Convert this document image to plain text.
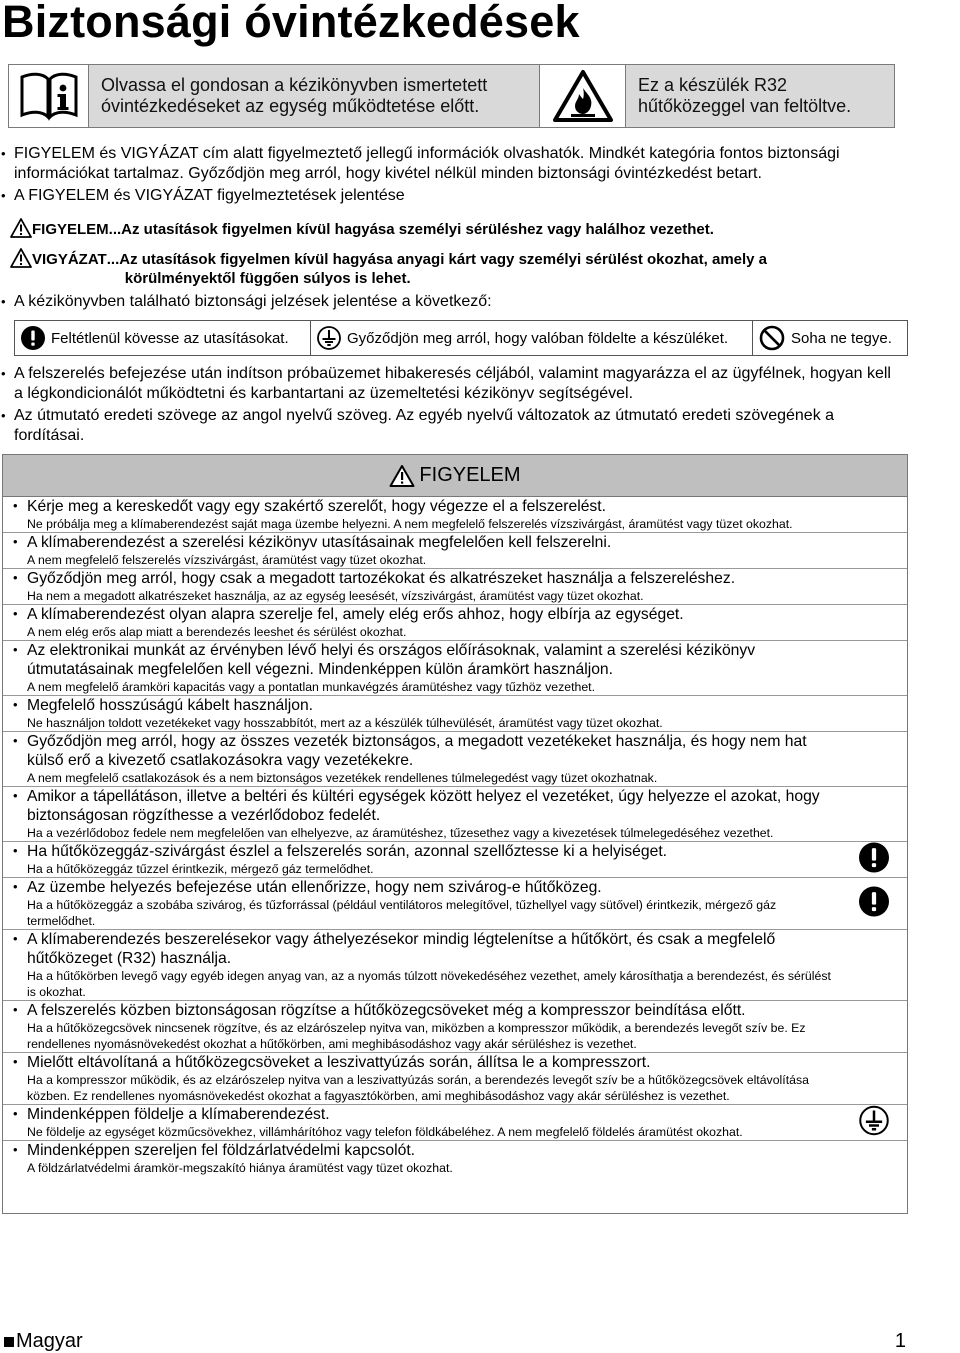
Biztonsági óvintézkedések
Olvassa el gondosan a kézikönyvben ismertetett óvintézkedéseket az egység működtetése előtt.
Ez a készülék R32 hűtőközeggel van feltöltve.
• FIGYELEM és VIGYÁZAT cím alatt figyelmeztető jellegű információk olvashatók. Mindkét kategória fontos biztonsági információkat tartalmaz. Győződjön meg arról, hogy kivétel nélkül minden biztonsági óvintézkedést betart.
• A FIGYELEM és VIGYÁZAT figyelmeztetések jelentése
FIGYELEM ...Az utasítások figyelmen kívül hagyása személyi sérüléshez vagy halálhoz vezethet.
VIGYÁZAT ...Az utasítások figyelmen kívül hagyása anyagi kárt vagy személyi sérülést okozhat, amely a körülményektől függően súlyos is lehet.
• A kézikönyvben található biztonsági jelzések jelentése a következő:
Feltétlenül kövesse az utasításokat.	Győződjön meg arról, hogy valóban földelte a készüléket.	Soha ne tegye.
• A felszerelés befejezése után indítson próbaüzemet hibakeresés céljából, valamint magyarázza el az ügyfélnek, hogyan kell a légkondicionálót működtetni és karbantartani az üzemeltetési kézikönyv segítségével.
• Az útmutató eredeti szövege az angol nyelvű szöveg. Az egyéb nyelvű változatok az útmutató eredeti szövegének a fordításai.
FIGYELEM
• Kérje meg a kereskedőt vagy egy szakértő szerelőt, hogy végezze el a felszerelést.
Ne próbálja meg a klímaberendezést saját maga üzembe helyezni. A nem megfelelő felszerelés vízszivárgást, áramütést vagy tüzet okozhat.
• A klímaberendezést a szerelési kézikönyv utasításainak megfelelően kell felszerelni.
A nem megfelelő felszerelés vízszivárgást, áramütést vagy tüzet okozhat.
• Győződjön meg arról, hogy csak a megadott tartozékokat és alkatrészeket használja a felszereléshez.
Ha nem a megadott alkatrészeket használja, az az egység leesését, vízszivárgást, áramütést vagy tüzet okozhat.
• A klímaberendezést olyan alapra szerelje fel, amely elég erős ahhoz, hogy elbírja az egységet.
A nem elég erős alap miatt a berendezés leeshet és sérülést okozhat.
• Az elektronikai munkát az érvényben lévő helyi és országos előírásoknak, valamint a szerelési kézikönyv útmutatásainak megfelelően kell végezni. Mindenképpen külön áramkört használjon.
A nem megfelelő áramköri kapacitás vagy a pontatlan munkavégzés áramütéshez vagy tűzhöz vezethet.
• Megfelelő hosszúságú kábelt használjon.
Ne használjon toldott vezetékeket vagy hosszabbítót, mert az a készülék túlhevülését, áramütést vagy tüzet okozhat.
• Győződjön meg arról, hogy az összes vezeték biztonságos, a megadott vezetékeket használja, és hogy nem hat külső erő a kivezető csatlakozásokra vagy vezetékekre.
A nem megfelelő csatlakozások és a nem biztonságos vezetékek rendellenes túlmelegedést vagy tüzet okozhatnak.
• Amikor a tápellátáson, illetve a beltéri és kültéri egységek között helyez el vezetéket, úgy helyezze el azokat, hogy biztonságosan rögzíthesse a vezérlődoboz fedelét.
Ha a vezérlődoboz fedele nem megfelelően van elhelyezve, az áramütéshez, tűzesethez vagy a kivezetések túlmelegedéséhez vezethet.
• Ha hűtőközeggáz-szivárgást észlel a felszerelés során, azonnal szellőztesse ki a helyiséget.
Ha a hűtőközeggáz tűzzel érintkezik, mérgező gáz termelődhet.
• Az üzembe helyezés befejezése után ellenőrizze, hogy nem szivárog-e hűtőközeg.
Ha a hűtőközeggáz a szobába szivárog, és tűzforrással (például ventilátoros melegítővel, tűzhellyel vagy sütővel) érintkezik, mérgező gáz termelődhet.
• A klímaberendezés beszerelésekor vagy áthelyezésekor mindig légtelenítse a hűtőkört, és csak a megfelelő hűtőközeget (R32) használja.
Ha a hűtőkörben levegő vagy egyéb idegen anyag van, az a nyomás túlzott növekedéséhez vezethet, amely károsíthatja a berendezést, és sérülést is okozhat.
• A felszerelés közben biztonságosan rögzítse a hűtőközegcsöveket még a kompresszor beindítása előtt.
Ha a hűtőközegcsövek nincsenek rögzítve, és az elzárószelep nyitva van, miközben a kompresszor működik, a berendezés levegőt szív be. Ez rendellenes nyomásnövekedést okozhat a hűtőkörben, ami meghibásodáshoz vagy akár sérüléshez is vezethet.
• Mielőtt eltávolítaná a hűtőközegcsöveket a leszivattyúzás során, állítsa le a kompresszort.
Ha a kompresszor működik, és az elzárószelep nyitva van a leszivattyúzás során, a berendezés levegőt szív be a hűtőközegcsövek eltávolítása közben. Ez rendellenes nyomásnövekedést okozhat a fagyasztókörben, ami meghibásodáshoz vagy akár sérüléshez is vezethet.
• Mindenképpen földelje a klímaberendezést.
Ne földelje az egységet közműcsövekhez, villámhárítóhoz vagy telefon földkábeléhez. A nem megfelelő földelés áramütést okozhat.
• Mindenképpen szereljen fel földzárlatvédelmi kapcsolót.
A földzárlatvédelmi áramkör-megszakító hiánya áramütést vagy tüzet okozhat.
Magyar	1
